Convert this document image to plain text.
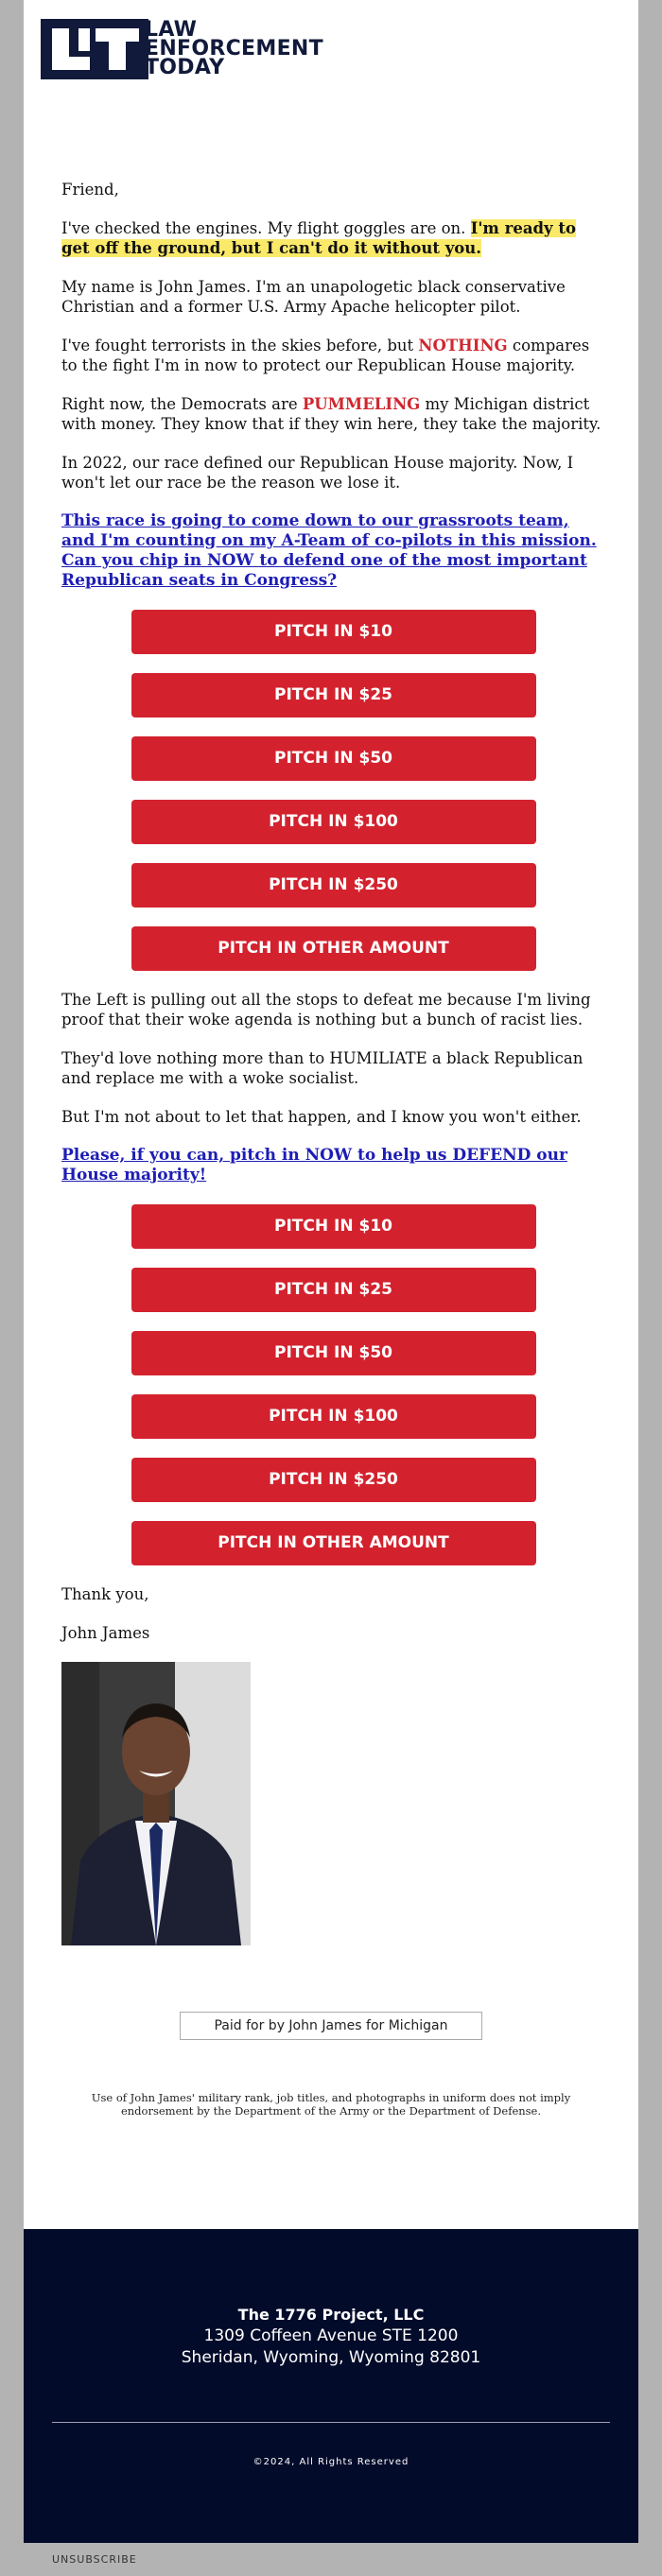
LAW
ENFORCEMENT
TODAY

Friend,

I've checked the engines. My flight goggles are on. I'm ready to get off the ground, but I can't do it without you.

My name is John James. I'm an unapologetic black conservative Christian and a former U.S. Army Apache helicopter pilot.

I've fought terrorists in the skies before, but NOTHING compares to the fight I'm in now to protect our Republican House majority.

Right now, the Democrats are PUMMELING my Michigan district with money. They know that if they win here, they take the majority.

In 2022, our race defined our Republican House majority. Now, I won't let our race be the reason we lose it.

This race is going to come down to our grassroots team, and I'm counting on my A-Team of co-pilots in this mission. Can you chip in NOW to defend one of the most important Republican seats in Congress?
PITCH IN $10
PITCH IN $25
PITCH IN $50
PITCH IN $100
PITCH IN $250
PITCH IN OTHER AMOUNT

The Left is pulling out all the stops to defeat me because I'm living proof that their woke agenda is nothing but a bunch of racist lies.

They'd love nothing more than to HUMILIATE a black Republican and replace me with a woke socialist.

But I'm not about to let that happen, and I know you won't either.

Please, if you can, pitch in NOW to help us DEFEND our House majority!
PITCH IN $10
PITCH IN $25
PITCH IN $50
PITCH IN $100
PITCH IN $250
PITCH IN OTHER AMOUNT

Thank you,

John James

Paid for by John James for Michigan
Use of John James' military rank, job titles, and photographs in uniform does not imply endorsement by the Department of the Army or the Department of Defense.
The 1776 Project, LLC
1309 Coffeen Avenue STE 1200
Sheridan, Wyoming, Wyoming 82801
©2024, All Rights Reserved
UNSUBSCRIBE
